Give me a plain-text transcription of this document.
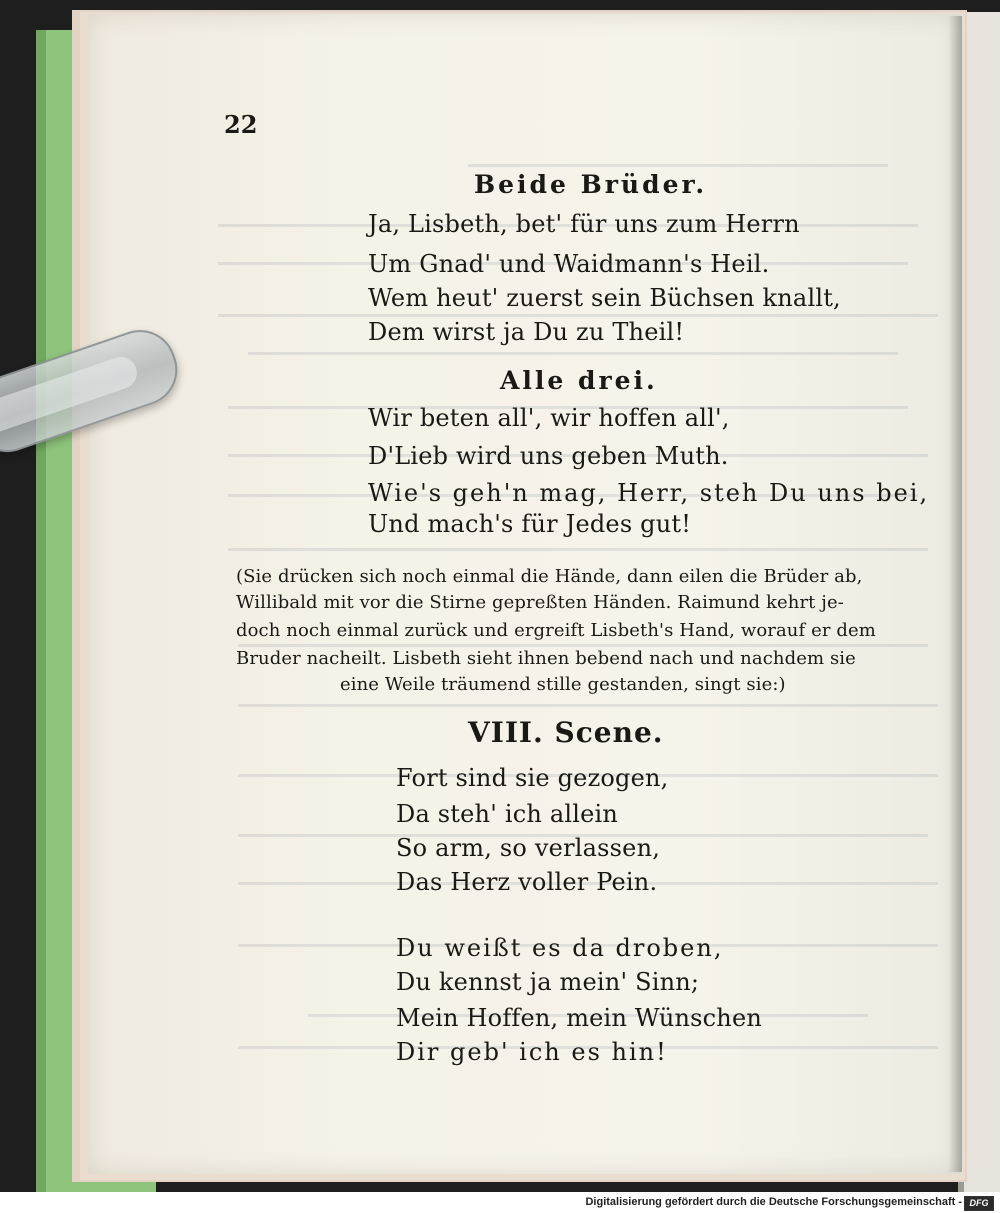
22
Beide Brüder.
Ja, Lisbeth, bet' für uns zum Herrn
Um Gnad' und Waidmann's Heil.
Wem heut' zuerst sein Büchsen knallt,
Dem wirst ja Du zu Theil!
Alle drei.
Wir beten all', wir hoffen all',
D'Lieb wird uns geben Muth.
Wie's geh'n mag, Herr, steh Du uns bei,
Und mach's für Jedes gut!
(Sie drücken sich noch einmal die Hände, dann eilen die Brüder ab,
Willibald mit vor die Stirne gepreßten Händen. Raimund kehrt je-
doch noch einmal zurück und ergreift Lisbeth's Hand, worauf er dem
Bruder nacheilt. Lisbeth sieht ihnen bebend nach und nachdem sie
eine Weile träumend stille gestanden, singt sie:)
VIII. Scene.
Fort sind sie gezogen,
Da steh' ich allein
So arm, so verlassen,
Das Herz voller Pein.
Du weißt es da droben,
Du kennst ja mein' Sinn;
Mein Hoffen, mein Wünschen
Dir geb' ich es hin!
Digitalisierung gefördert durch die Deutsche Forschungsgemeinschaft - DFG
